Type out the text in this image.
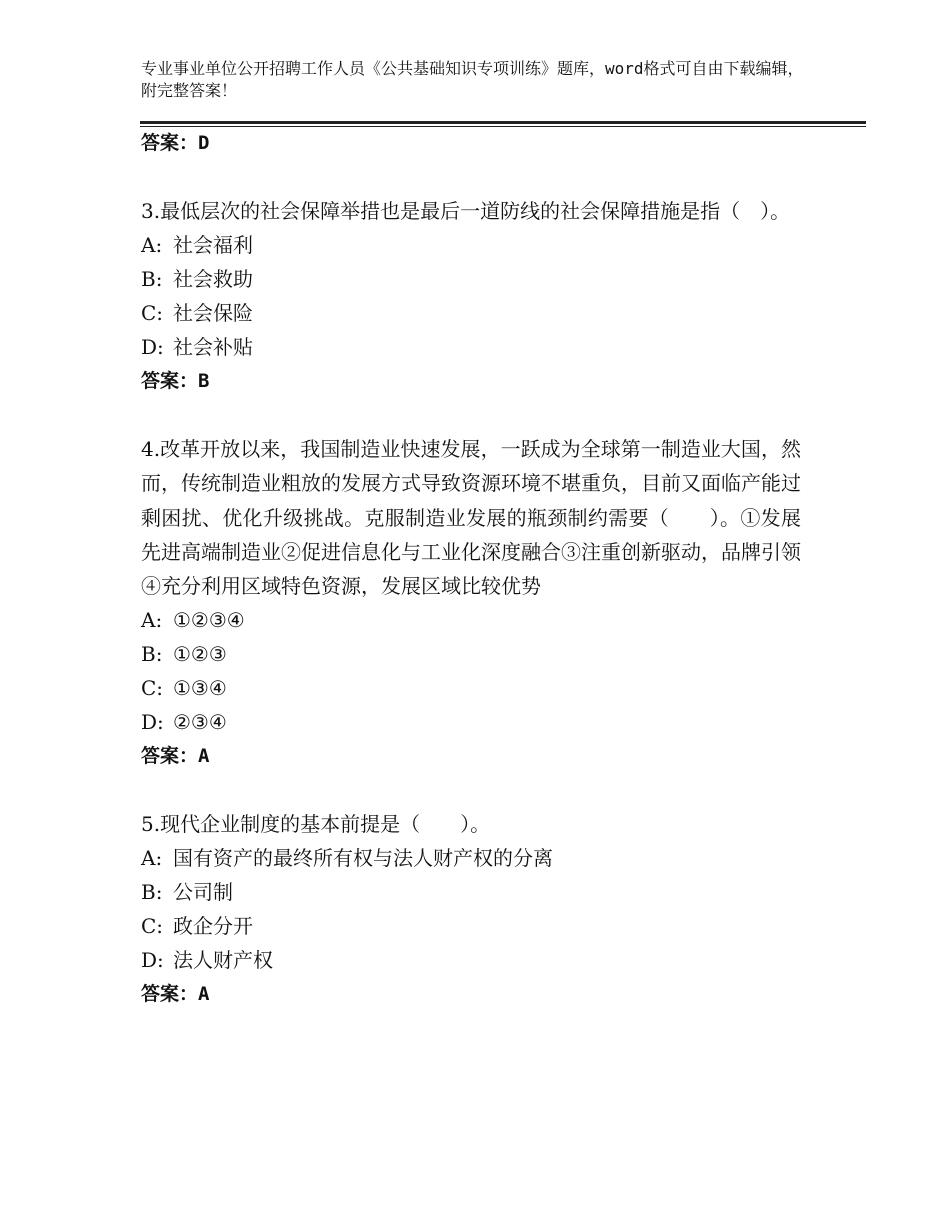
专业事业单位公开招聘工作人员《公共基础知识专项训练》题库，word格式可自由下载编辑，附完整答案！
答案：D
3.最低层次的社会保障举措也是最后一道防线的社会保障措施是指（　）。
A: 社会福利
B: 社会救助
C: 社会保险
D: 社会补贴
答案：B
4.改革开放以来，我国制造业快速发展，一跃成为全球第一制造业大国，然而，传统制造业粗放的发展方式导致资源环境不堪重负，目前又面临产能过剩困扰、优化升级挑战。克服制造业发展的瓶颈制约需要（　　）。①发展先进高端制造业②促进信息化与工业化深度融合③注重创新驱动，品牌引领④充分利用区域特色资源，发展区域比较优势
A: ①②③④
B: ①②③
C: ①③④
D: ②③④
答案：A
5.现代企业制度的基本前提是（　　）。
A: 国有资产的最终所有权与法人财产权的分离
B: 公司制
C: 政企分开
D: 法人财产权
答案：A
